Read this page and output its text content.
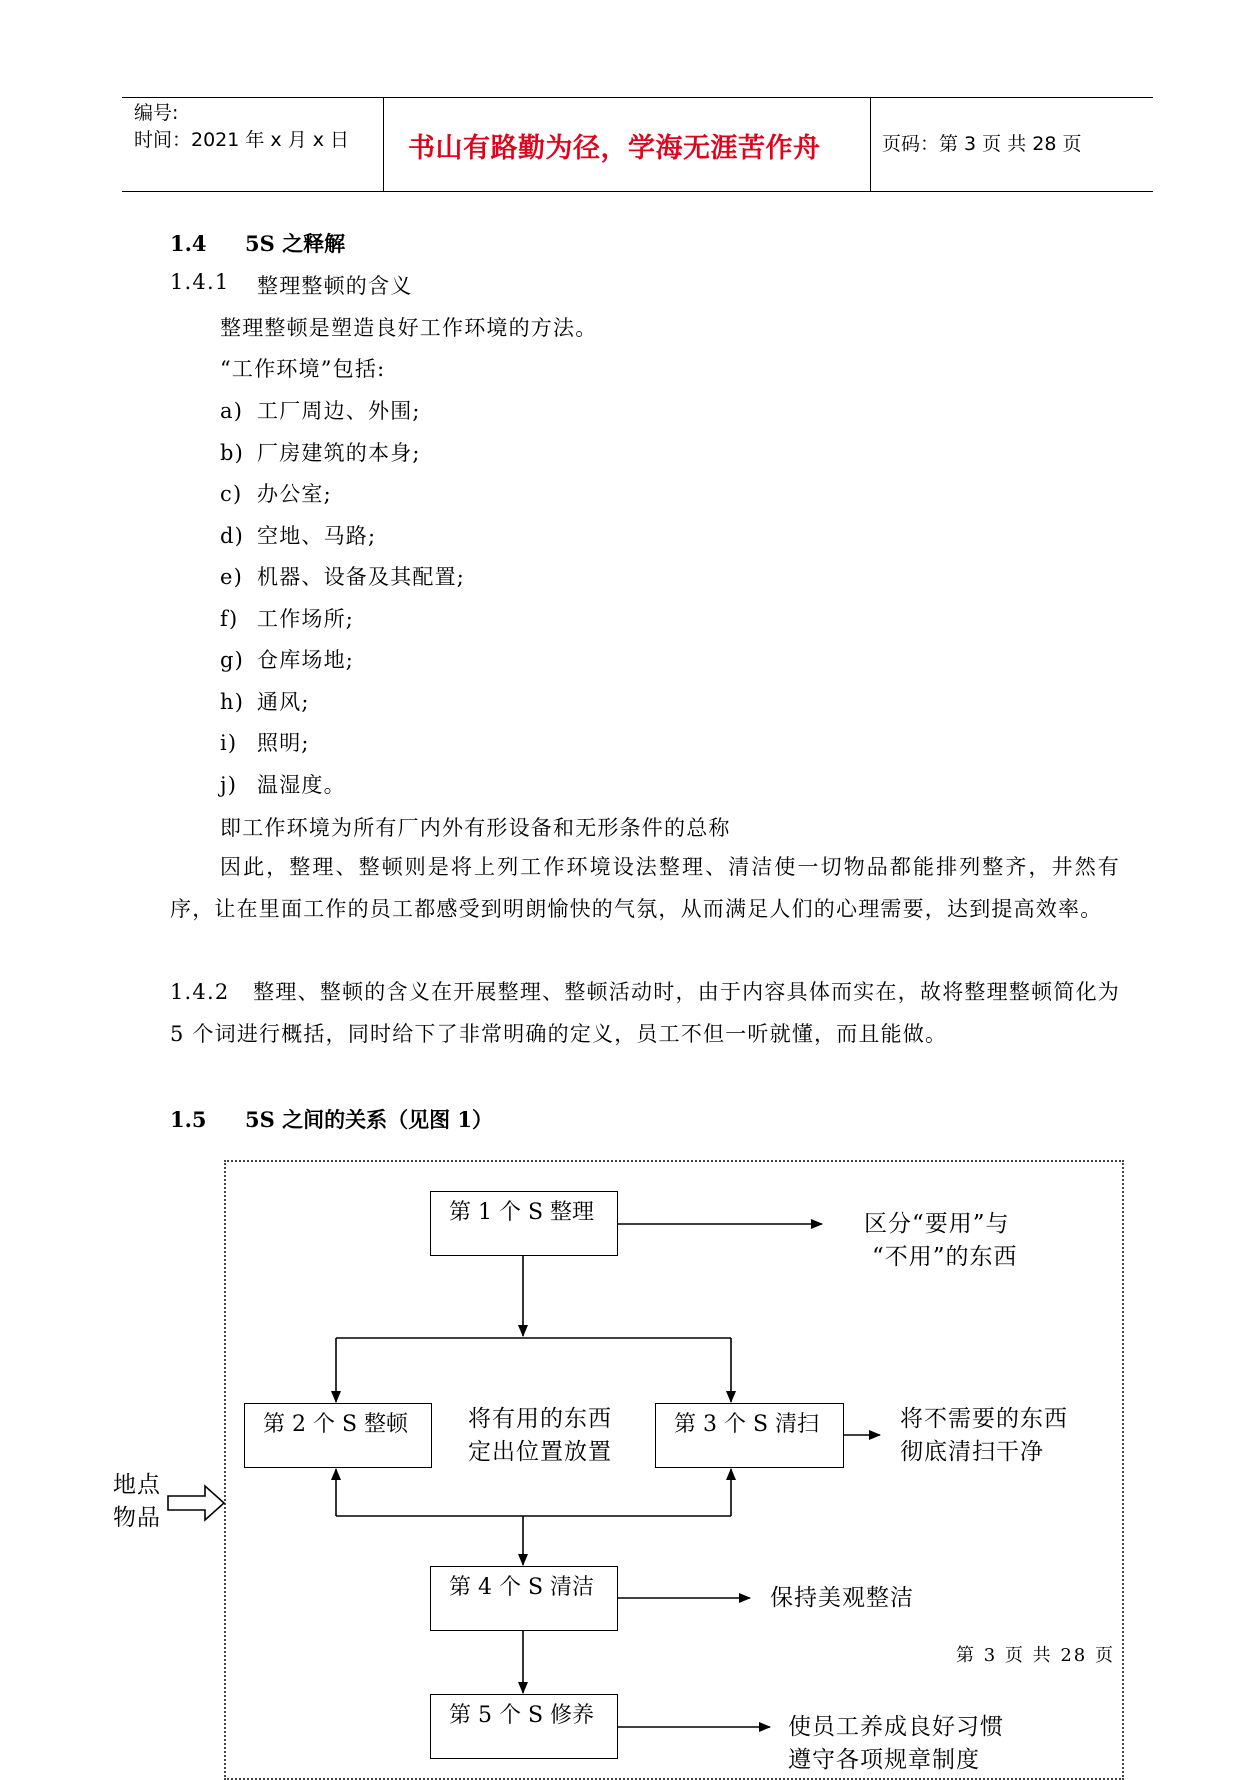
编号:
时间：2021 年 x 月 x 日 书山有路勤为径，学海无涯苦作舟	页码：第 3 页 共 28 页
1.4 5S 之释解
1.4.1 整理整顿的含义
整理整顿是塑造良好工作环境的方法。
“工作环境”包括:
a) 工厂周边、外围;
b) 厂房建筑的本身;
c) 办公室;
d) 空地、马路;
e) 机器、设备及其配置;
f) 工作场所;
g) 仓库场地;
h) 通风;
i) 照明;
j) 温湿度。
即工作环境为所有厂内外有形设备和无形条件的总称
因此，整理、整顿则是将上列工作环境设法整理、清洁使一切物品都能排列整齐，井然有序，让在里面工作的员工都感受到明朗愉快的气氛，从而满足人们的心理需要，达到提高效率。
1.4.2 整理、整顿的含义在开展整理、整顿活动时，由于内容具体而实在，故将整理整顿简化为 5 个词进行概括，同时给下了非常明确的定义，员工不但一听就懂，而且能做。
1.5 5S 之间的关系（见图 1）
第 1 个 S 整理	区分“要用”与
“不用”的东西
第 2 个 S 整顿	将有用的东西
定出位置放置
第 3 个 S 清扫	将不需要的东西
彻底清扫干净
地点
物品
第 4 个 S 清洁	保持美观整洁
第 5 个 S 修养	使员工养成良好习惯
遵守各项规章制度
第 3 页 共 28 页
